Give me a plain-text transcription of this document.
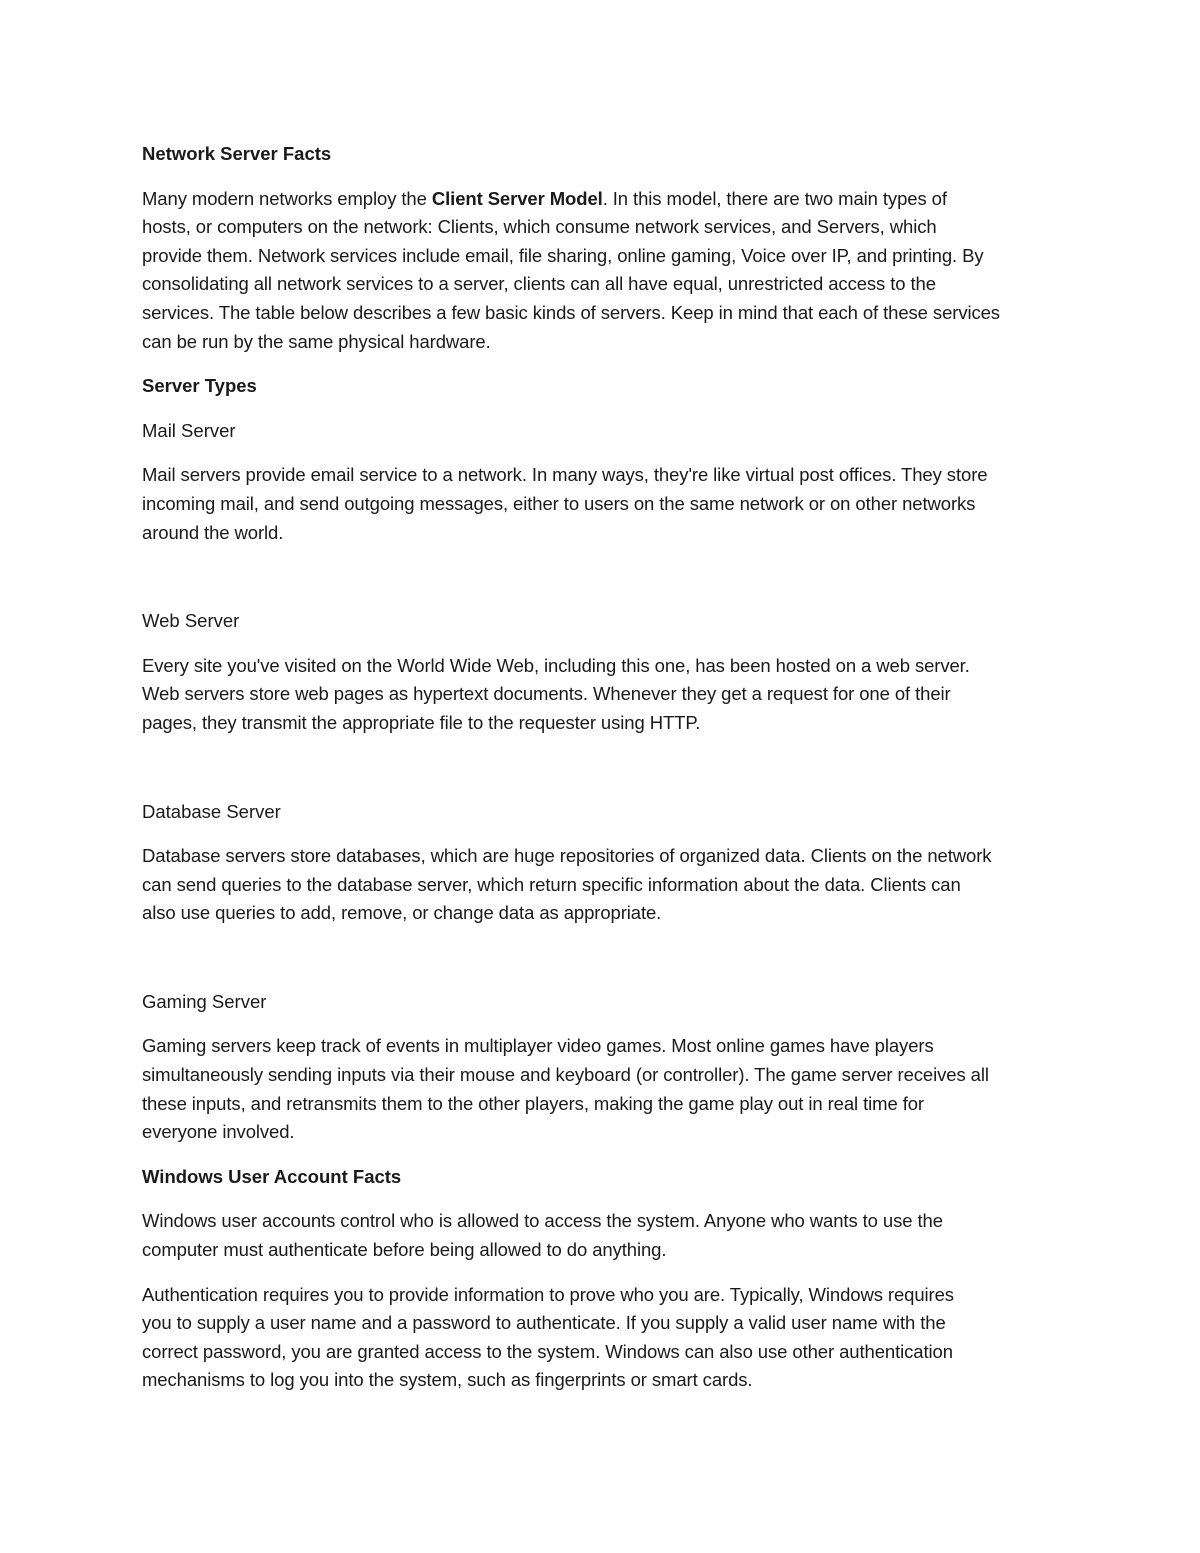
Network Server Facts

Many modern networks employ the Client Server Model. In this model, there are two main types of

hosts, or computers on the network: Clients, which consume network services, and Servers, which

provide them. Network services include email, file sharing, online gaming, Voice over IP, and printing. By

consolidating all network services to a server, clients can all have equal, unrestricted access to the

services. The table below describes a few basic kinds of servers. Keep in mind that each of these services

can be run by the same physical hardware.

Server Types

Mail Server

Mail servers provide email service to a network. In many ways, they're like virtual post offices. They store

incoming mail, and send outgoing messages, either to users on the same network or on other networks

around the world.

Web Server

Every site you've visited on the World Wide Web, including this one, has been hosted on a web server.

Web servers store web pages as hypertext documents. Whenever they get a request for one of their

pages, they transmit the appropriate file to the requester using HTTP.

Database Server

Database servers store databases, which are huge repositories of organized data. Clients on the network

can send queries to the database server, which return specific information about the data. Clients can

also use queries to add, remove, or change data as appropriate.

Gaming Server

Gaming servers keep track of events in multiplayer video games. Most online games have players

simultaneously sending inputs via their mouse and keyboard (or controller). The game server receives all

these inputs, and retransmits them to the other players, making the game play out in real time for

everyone involved.

Windows User Account Facts

Windows user accounts control who is allowed to access the system. Anyone who wants to use the

computer must authenticate before being allowed to do anything.

Authentication requires you to provide information to prove who you are. Typically, Windows requires

you to supply a user name and a password to authenticate. If you supply a valid user name with the

correct password, you are granted access to the system. Windows can also use other authentication

mechanisms to log you into the system, such as fingerprints or smart cards.
